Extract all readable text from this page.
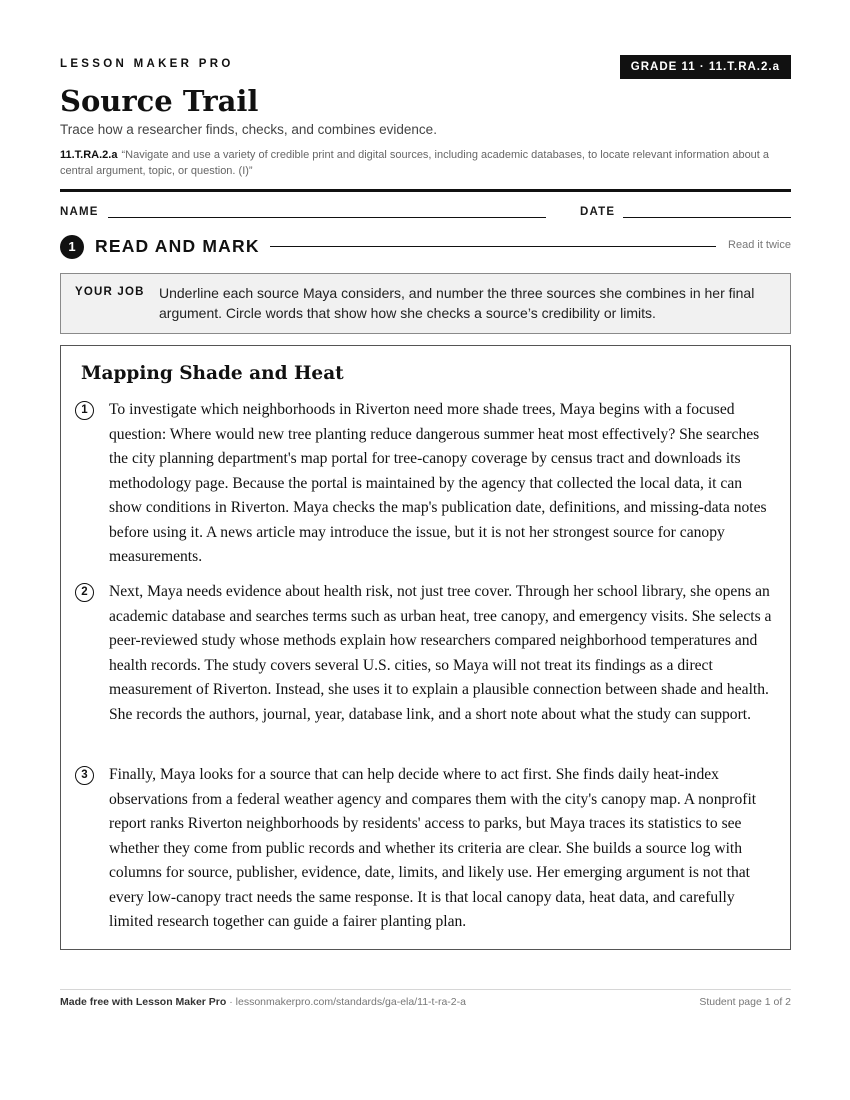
LESSON MAKER PRO	GRADE 11 · 11.T.RA.2.a
Source Trail
Trace how a researcher finds, checks, and combines evidence.
11.T.RA.2.a “Navigate and use a variety of credible print and digital sources, including academic databases, to locate relevant information about a central argument, topic, or question. (I)”
NAME	DATE
1	READ AND MARK	Read it twice
YOUR JOB Underline each source Maya considers, and number the three sources she combines in her final argument. Circle words that show how she checks a source’s credibility or limits.
Mapping Shade and Heat
1	To investigate which neighborhoods in Riverton need more shade trees, Maya begins with a focused question: Where would new tree planting reduce dangerous summer heat most effectively? She searches the city planning department's map portal for tree-canopy coverage by census tract and downloads its methodology page. Because the portal is maintained by the agency that collected the local data, it can show conditions in Riverton. Maya checks the map's publication date, definitions, and missing-data notes before using it. A news article may introduce the issue, but it is not her strongest source for canopy measurements.
2	Next, Maya needs evidence about health risk, not just tree cover. Through her school library, she opens an academic database and searches terms such as urban heat, tree canopy, and emergency visits. She selects a peer-reviewed study whose methods explain how researchers compared neighborhood temperatures and health records. The study covers several U.S. cities, so Maya will not treat its findings as a direct measurement of Riverton. Instead, she uses it to explain a plausible connection between shade and health. She records the authors, journal, year, database link, and a short note about what the study can support.
3	Finally, Maya looks for a source that can help decide where to act first. She finds daily heat-index observations from a federal weather agency and compares them with the city's canopy map. A nonprofit report ranks Riverton neighborhoods by residents' access to parks, but Maya traces its statistics to see whether they come from public records and whether its criteria are clear. She builds a source log with columns for source, publisher, evidence, date, limits, and likely use. Her emerging argument is not that every low-canopy tract needs the same response. It is that local canopy data, heat data, and carefully limited research together can guide a fairer planting plan.
Made free with Lesson Maker Pro · lessonmakerpro.com/standards/ga-ela/11-t-ra-2-a	Student page 1 of 2
